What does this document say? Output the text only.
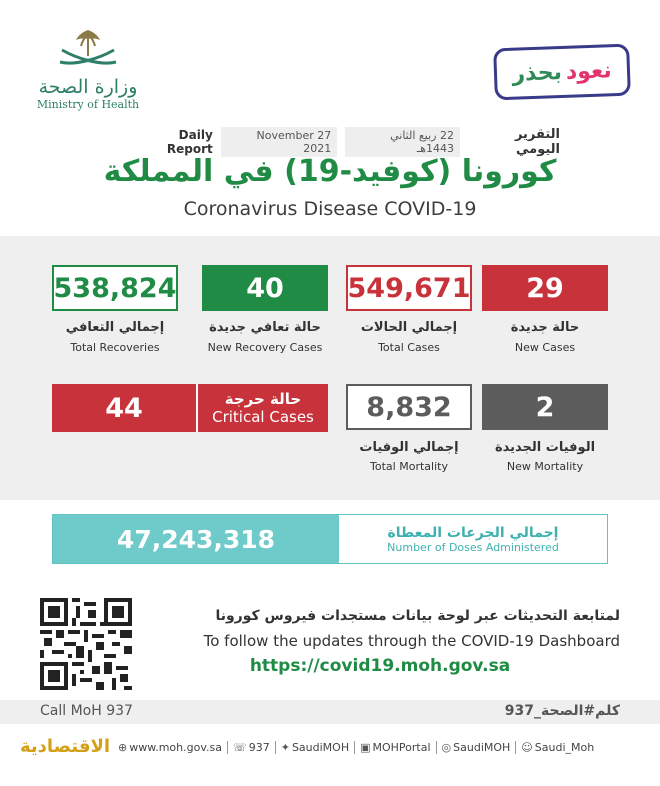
وزارة الصحة
Ministry of Health
بحذر نعود
التقرير اليومي
22 ربيع الثاني 1443هـ
27 November 2021
Daily Report
كورونا (كوفيد-19) في المملكة
Coronavirus Disease COVID-19
538,824
إجمالي التعافي
Total Recoveries
40
حالة تعافي جديدة
New Recovery Cases
549,671
إجمالي الحالات
Total Cases
29
حالة جديدة
New Cases
44	حالة حرجة
Critical Cases	8,832
إجمالي الوفيات
Total Mortality
2
الوفيات الجديدة
New Mortality
47,243,318	إجمالي الجرعات المعطاة
Number of Doses Administered
لمتابعة التحديثات عبر لوحة بيانات مستجدات فيروس كورونا
To follow the updates through the COVID-19 Dashboard
https://covid19.moh.gov.sa
Call MoH 937	كلم#الصحة_937
الاقتصادية ⊕ www.moh.gov.sa ☏ 937 ✦ SaudiMOH ▣ MOHPortal ◎ SaudiMOH ☺ Saudi_Moh
